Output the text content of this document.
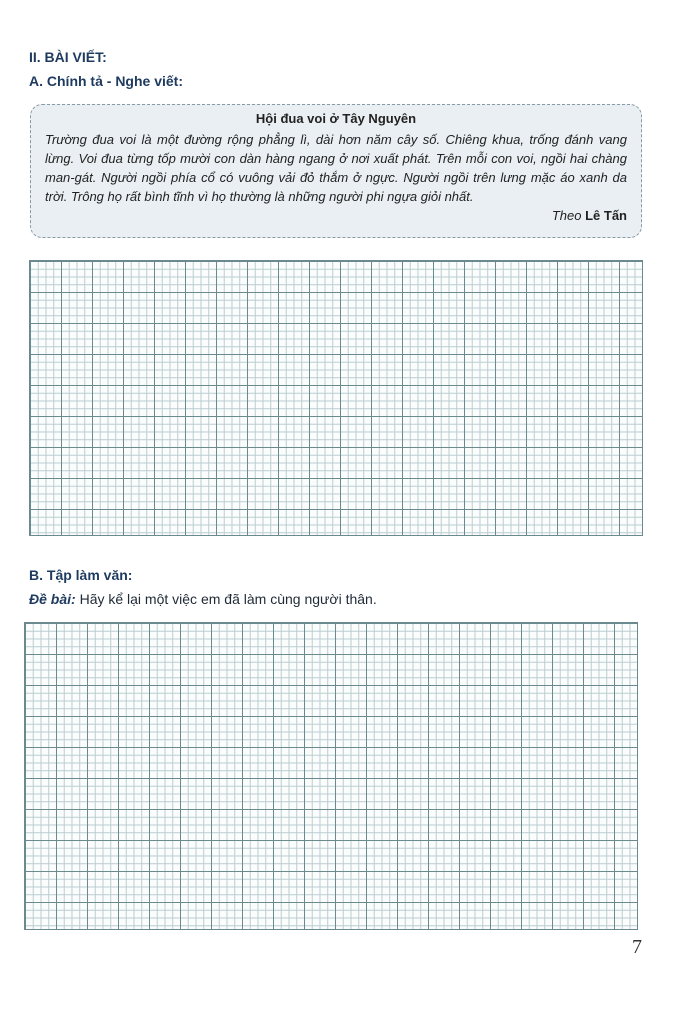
II. BÀI VIẾT:
A. Chính tả - Nghe viết:
Hội đua voi ở Tây Nguyên
Trường đua voi là một đường rộng phẳng lì, dài hơn năm cây số. Chiêng khua, trống đánh vang lừng. Voi đua từng tốp mười con dàn hàng ngang ở nơi xuất phát. Trên mỗi con voi, ngồi hai chàng man-gát. Người ngồi phía cổ có vuông vải đỏ thắm ở ngực. Người ngồi trên lưng mặc áo xanh da trời. Trông họ rất bình tĩnh vì họ thường là những người phi ngựa giỏi nhất.
Theo Lê Tấn
B. Tập làm văn:
Đề bài: Hãy kể lại một việc em đã làm cùng người thân.
7
